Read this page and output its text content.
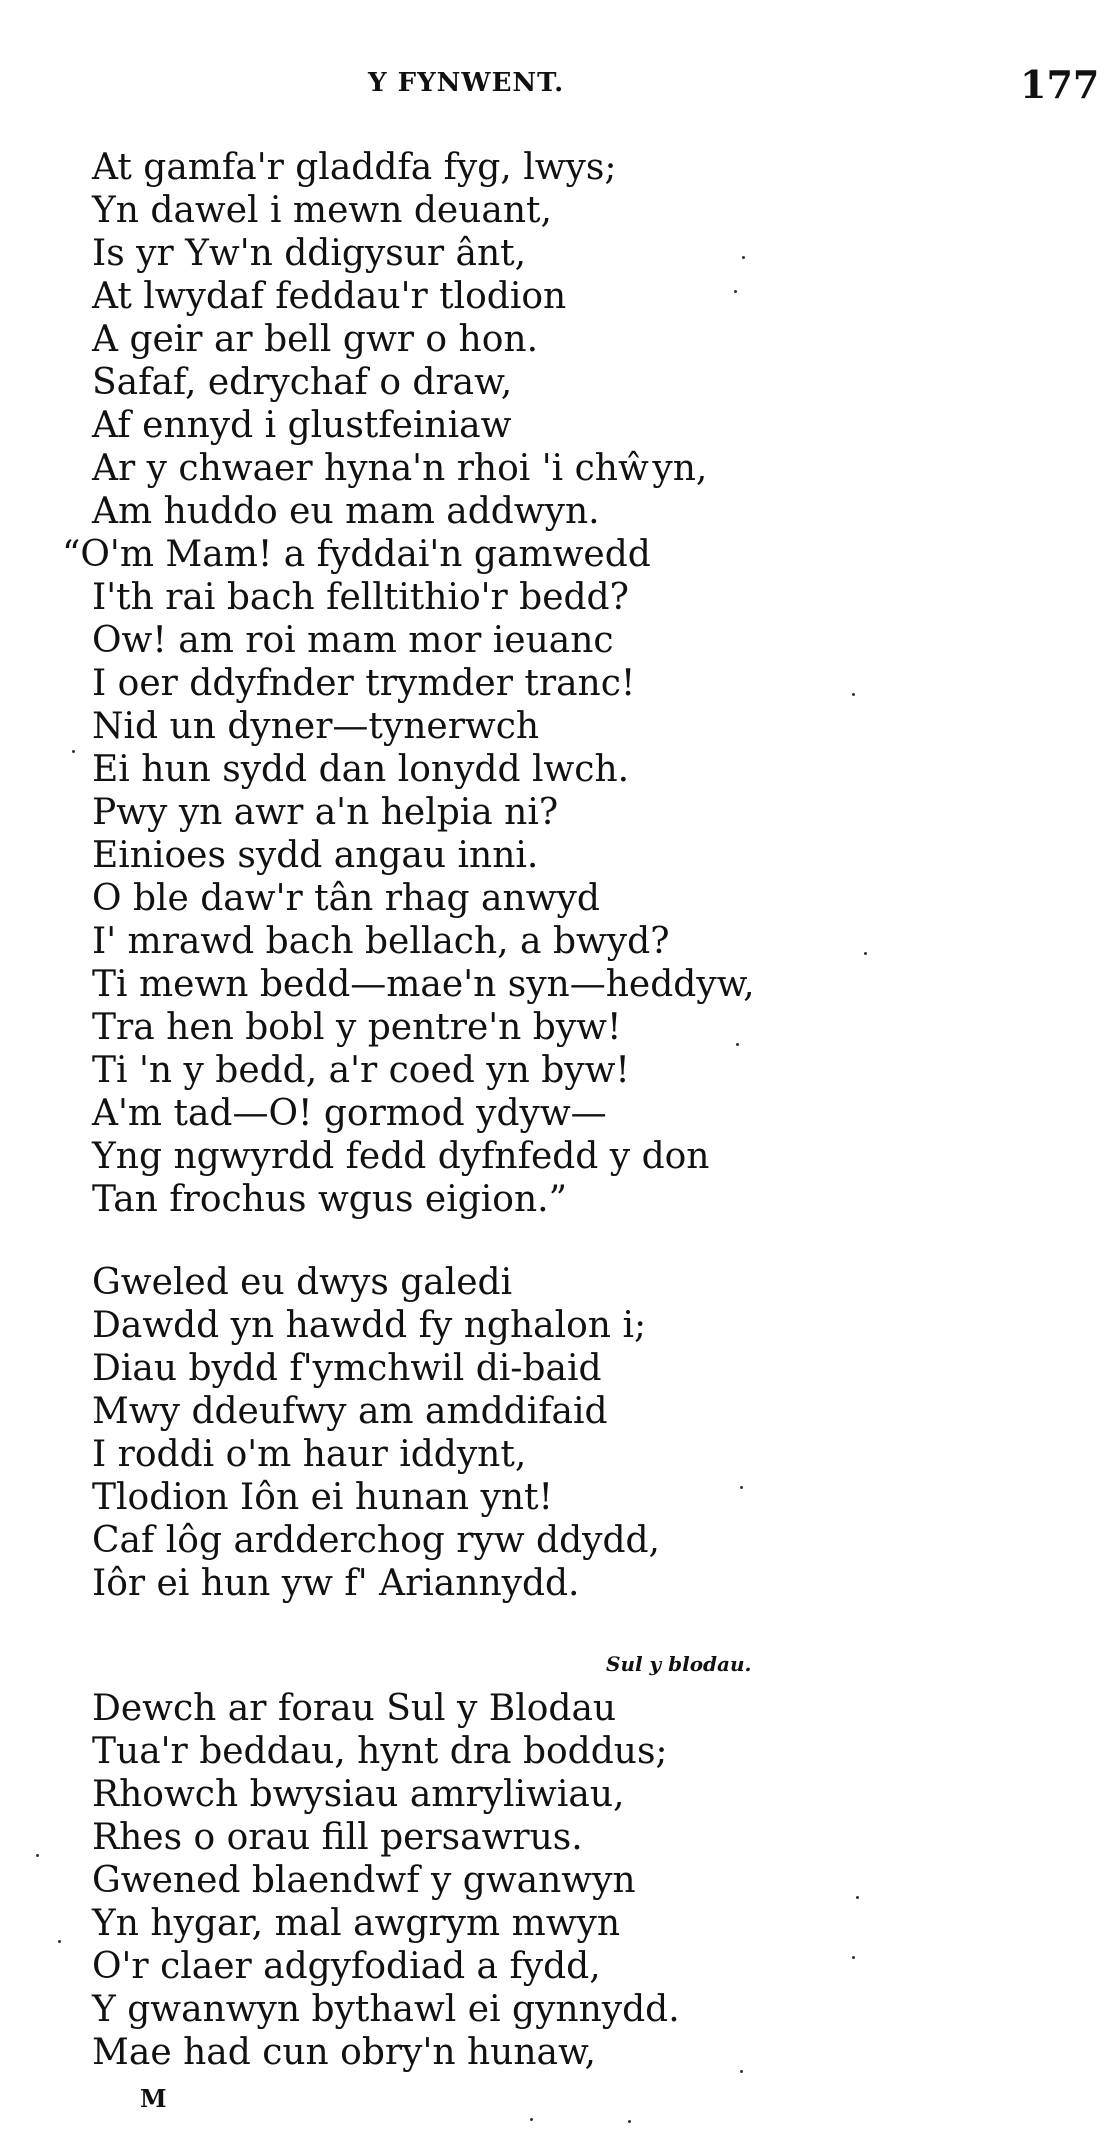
Y FYNWENT.	177
At gamfa'r gladdfa fyg, lwys;
Yn dawel i mewn deuant,
Is yr Yw'n ddigysur ânt,
At lwydaf feddau'r tlodion
A geir ar bell gwr o hon.
Safaf, edrychaf o draw,
Af ennyd i glustfeiniaw
Ar y chwaer hyna'n rhoi 'i chŵyn,
Am huddo eu mam addwyn.
“O'm Mam! a fyddai'n gamwedd
I'th rai bach felltithio'r bedd?
Ow! am roi mam mor ieuanc
I oer ddyfnder trymder tranc!
Nid un dyner—tynerwch
Ei hun sydd dan lonydd lwch.
Pwy yn awr a'n helpia ni?
Einioes sydd angau inni.
O ble daw'r tân rhag anwyd
I' mrawd bach bellach, a bwyd?
Ti mewn bedd—mae'n syn—heddyw,
Tra hen bobl y pentre'n byw!
Ti 'n y bedd, a'r coed yn byw!
A'm tad—O! gormod ydyw—
Yng ngwyrdd fedd dyfnfedd y don
Tan frochus wgus eigion.”
Gweled eu dwys galedi
Dawdd yn hawdd fy nghalon i;
Diau bydd f'ymchwil di-baid
Mwy ddeufwy am amddifaid
I roddi o'm haur iddynt,
Tlodion Iôn ei hunan ynt!
Caf lôg ardderchog ryw ddydd,
Iôr ei hun yw f' Ariannydd.
Sul y blodau.
Dewch ar forau Sul y Blodau
Tua'r beddau, hynt dra boddus;
Rhowch bwysiau amryliwiau,
Rhes o orau fill persawrus.
Gwened blaendwf y gwanwyn
Yn hygar, mal awgrym mwyn
O'r claer adgyfodiad a fydd,
Y gwanwyn bythawl ei gynnydd.
Mae had cun obry'n hunaw,
M
